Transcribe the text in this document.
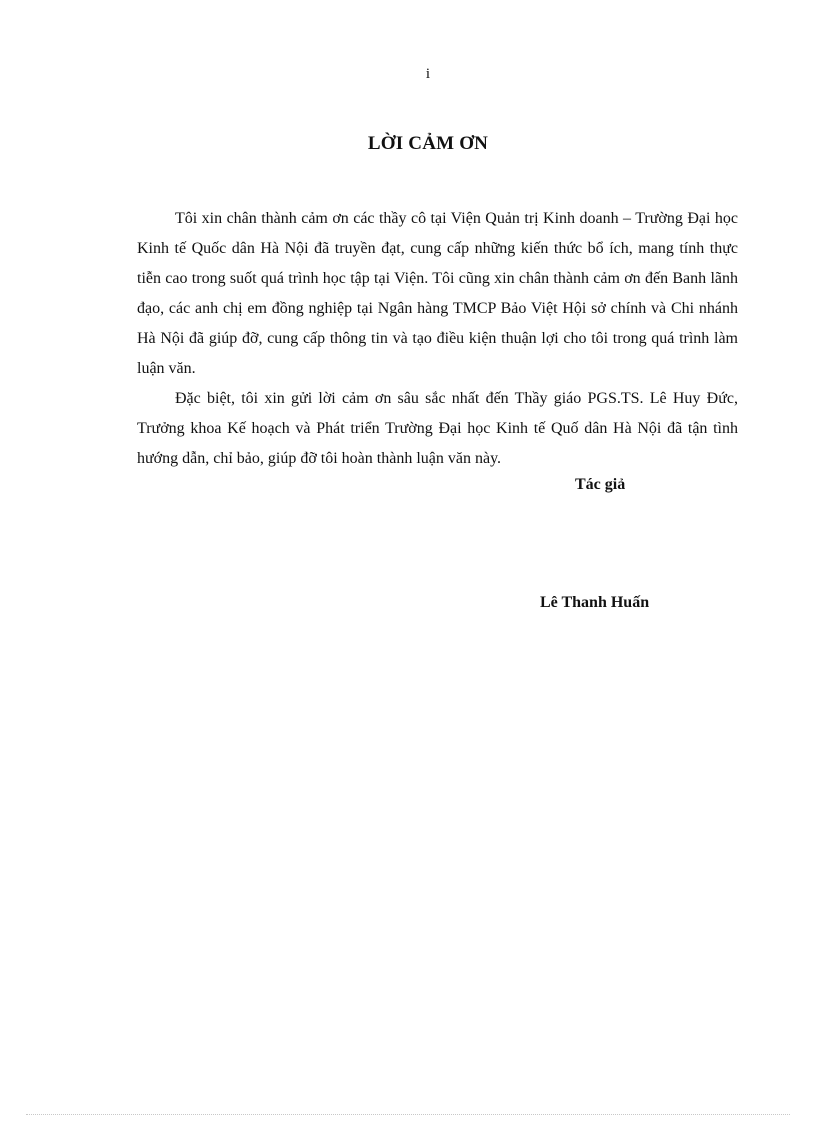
i
LỜI CẢM ƠN

Tôi xin chân thành cảm ơn các thầy cô tại Viện Quản trị Kinh doanh – Trường Đại học Kinh tế Quốc dân Hà Nội đã truyền đạt, cung cấp những kiến thức bổ ích, mang tính thực tiễn cao trong suốt quá trình học tập tại Viện. Tôi cũng xin chân thành cảm ơn đến Banh lãnh đạo, các anh chị em đồng nghiệp tại Ngân hàng TMCP Bảo Việt Hội sở chính và Chi nhánh Hà Nội đã giúp đỡ, cung cấp thông tin và tạo điều kiện thuận lợi cho tôi trong quá trình làm luận văn.

Đặc biệt, tôi xin gửi lời cảm ơn sâu sắc nhất đến Thầy giáo PGS.TS. Lê Huy Đức, Trưởng khoa Kế hoạch và Phát triển Trường Đại học Kinh tế Quố dân Hà Nội đã tận tình hướng dẫn, chỉ bảo, giúp đỡ tôi hoàn thành luận văn này.

Tác giả
Lê Thanh Huấn
